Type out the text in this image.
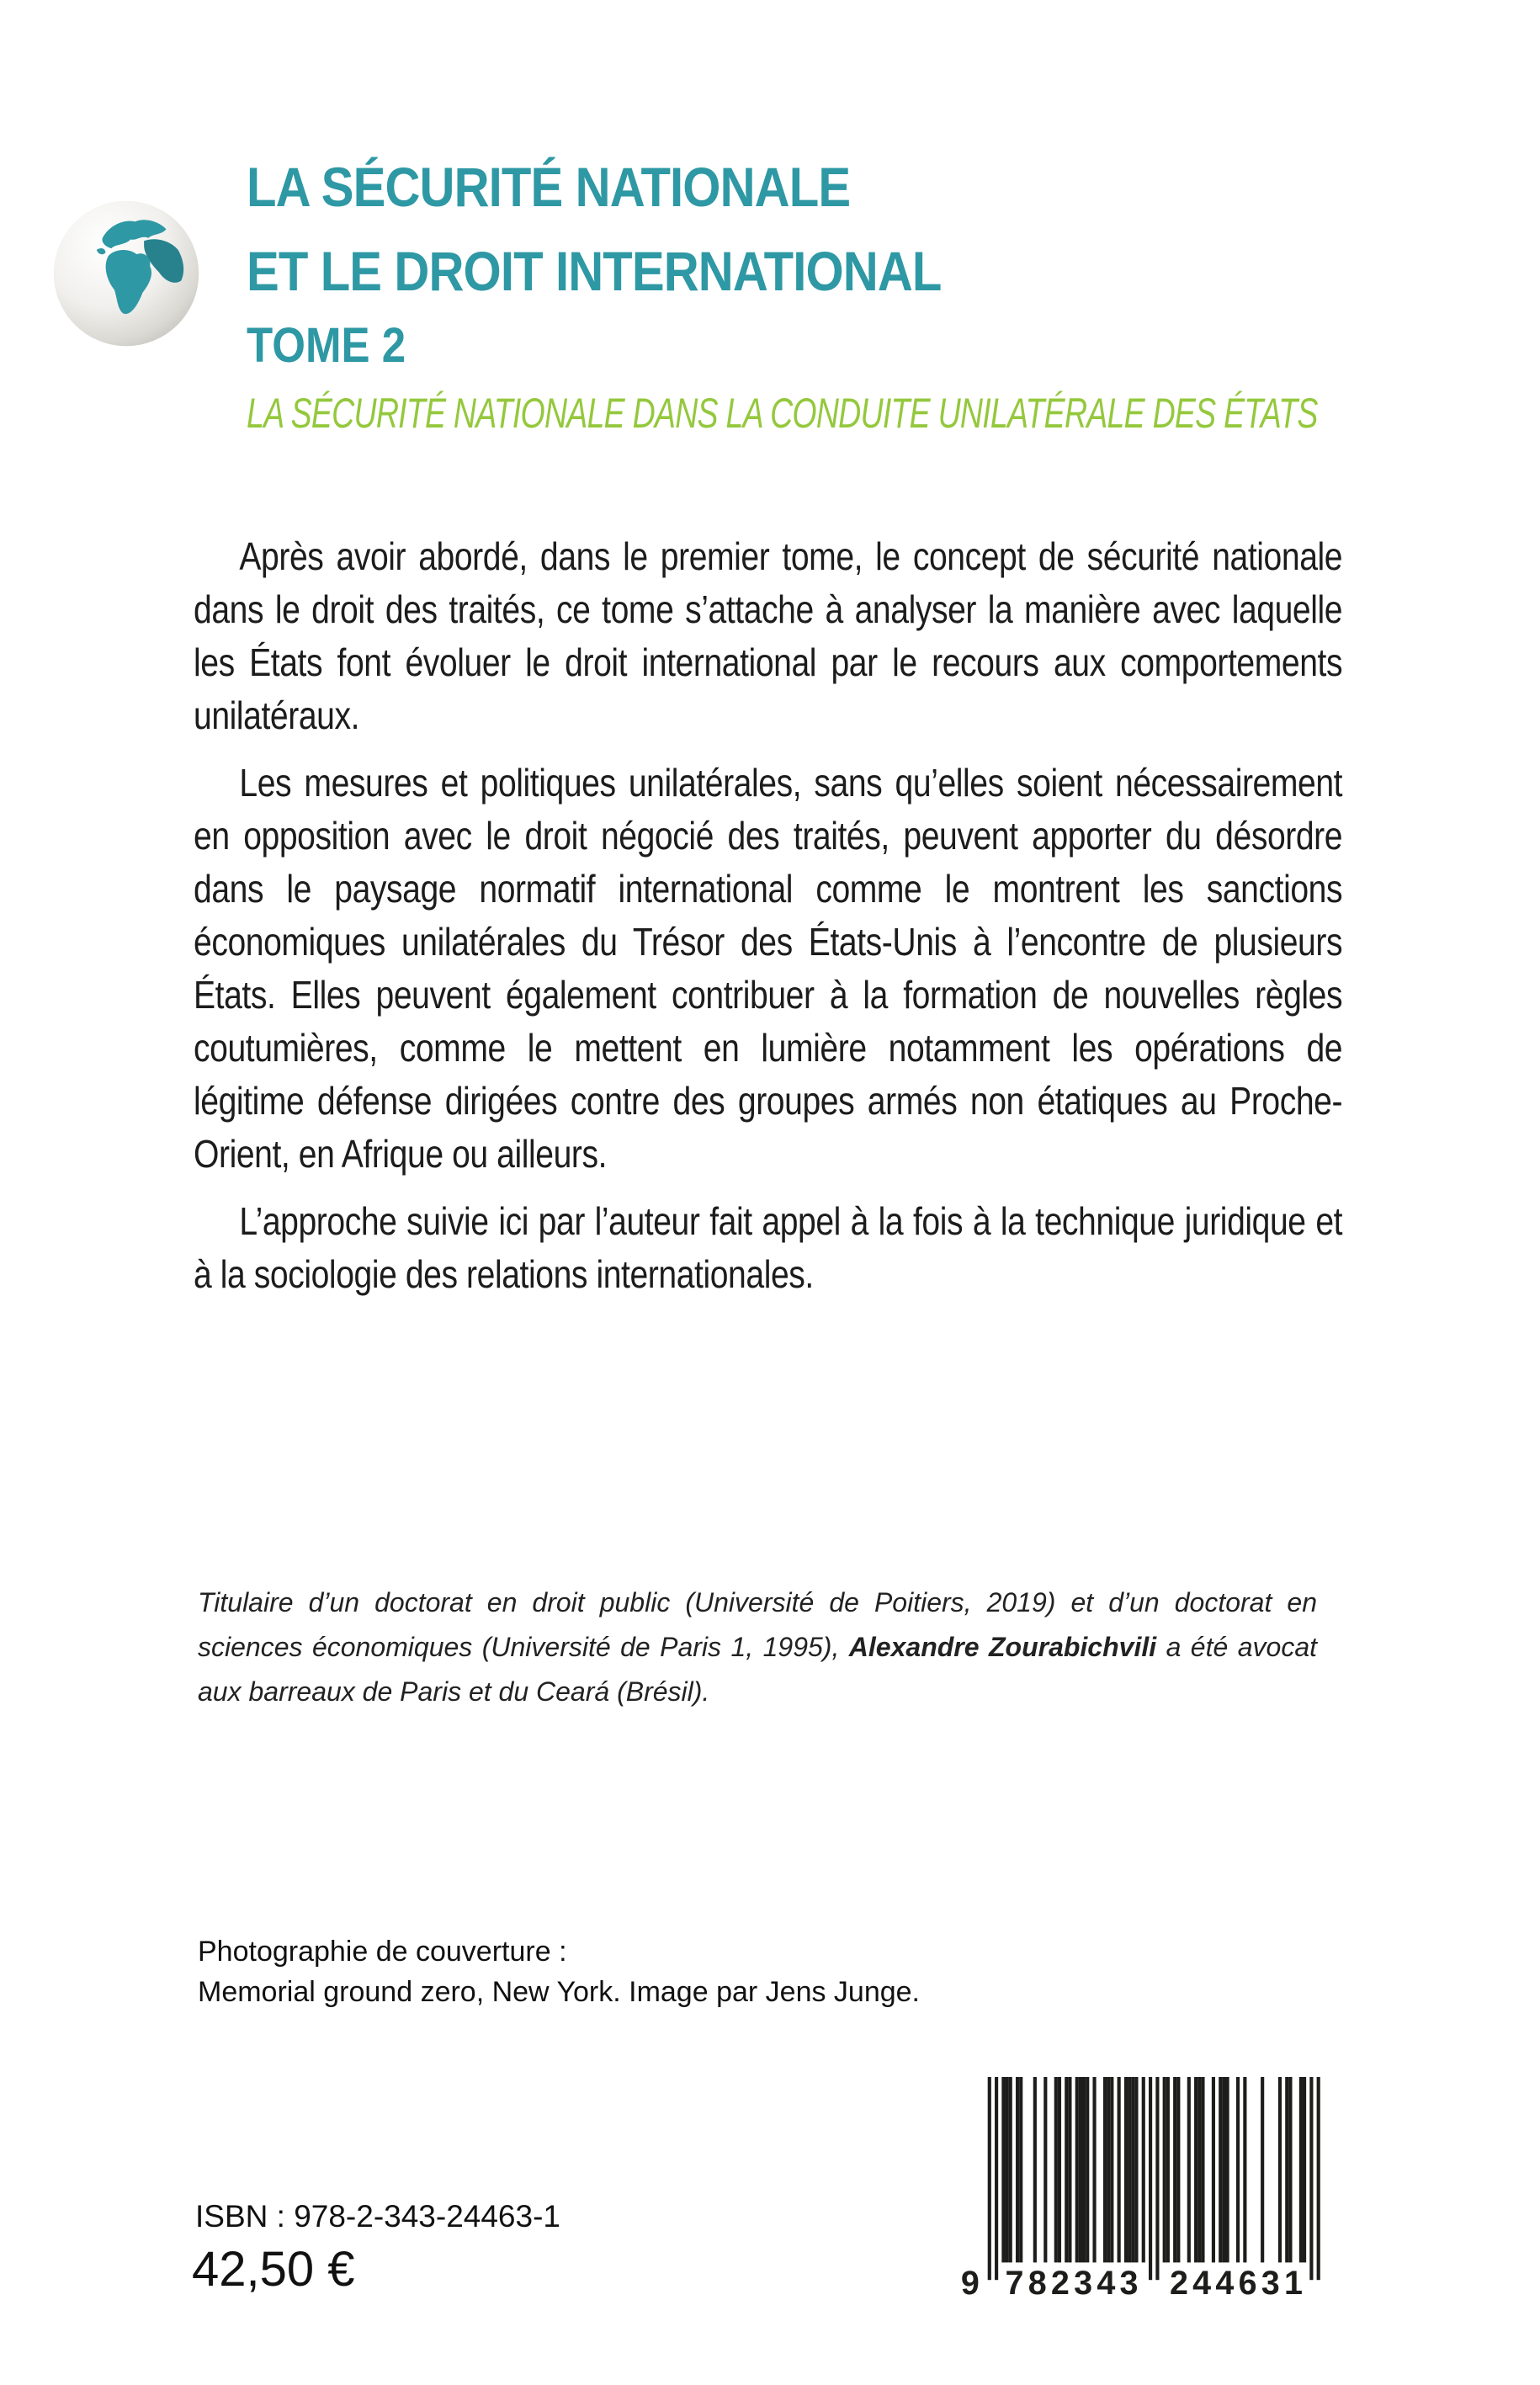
LA SÉCURITÉ NATIONALE
ET LE DROIT INTERNATIONAL
TOME 2
LA SÉCURITÉ NATIONALE DANS LA CONDUITE UNILATÉRALE DES ÉTATS

Après avoir abordé, dans le premier tome, le concept de sécurité nationale dans le droit des traités, ce tome s’attache à analyser la manière avec laquelle les États font évoluer le droit international par le recours aux comportements unilatéraux.

Les mesures et politiques unilatérales, sans qu’elles soient nécessairement en opposition avec le droit négocié des traités, peuvent apporter du désordre dans le paysage normatif international comme le montrent les sanctions économiques unilatérales du Trésor des États-Unis à l’encontre de plusieurs États. Elles peuvent également contribuer à la formation de nouvelles règles coutumières, comme le mettent en lumière notamment les opérations de légitime défense dirigées contre des groupes armés non étatiques au Proche-Orient, en Afrique ou ailleurs.

L’approche suivie ici par l’auteur fait appel à la fois à la technique juridique et à la sociologie des relations internationales.

Titulaire d’un doctorat en droit public (Université de Poitiers, 2019) et d’un doctorat en sciences économiques (Université de Paris 1, 1995), Alexandre Zourabichvili a été avocat aux barreaux de Paris et du Ceará (Brésil).

Photographie de couverture :
Memorial ground zero, New York. Image par Jens Junge.
ISBN : 978-2-343-24463-1
42,50 €	9	782343	244631
